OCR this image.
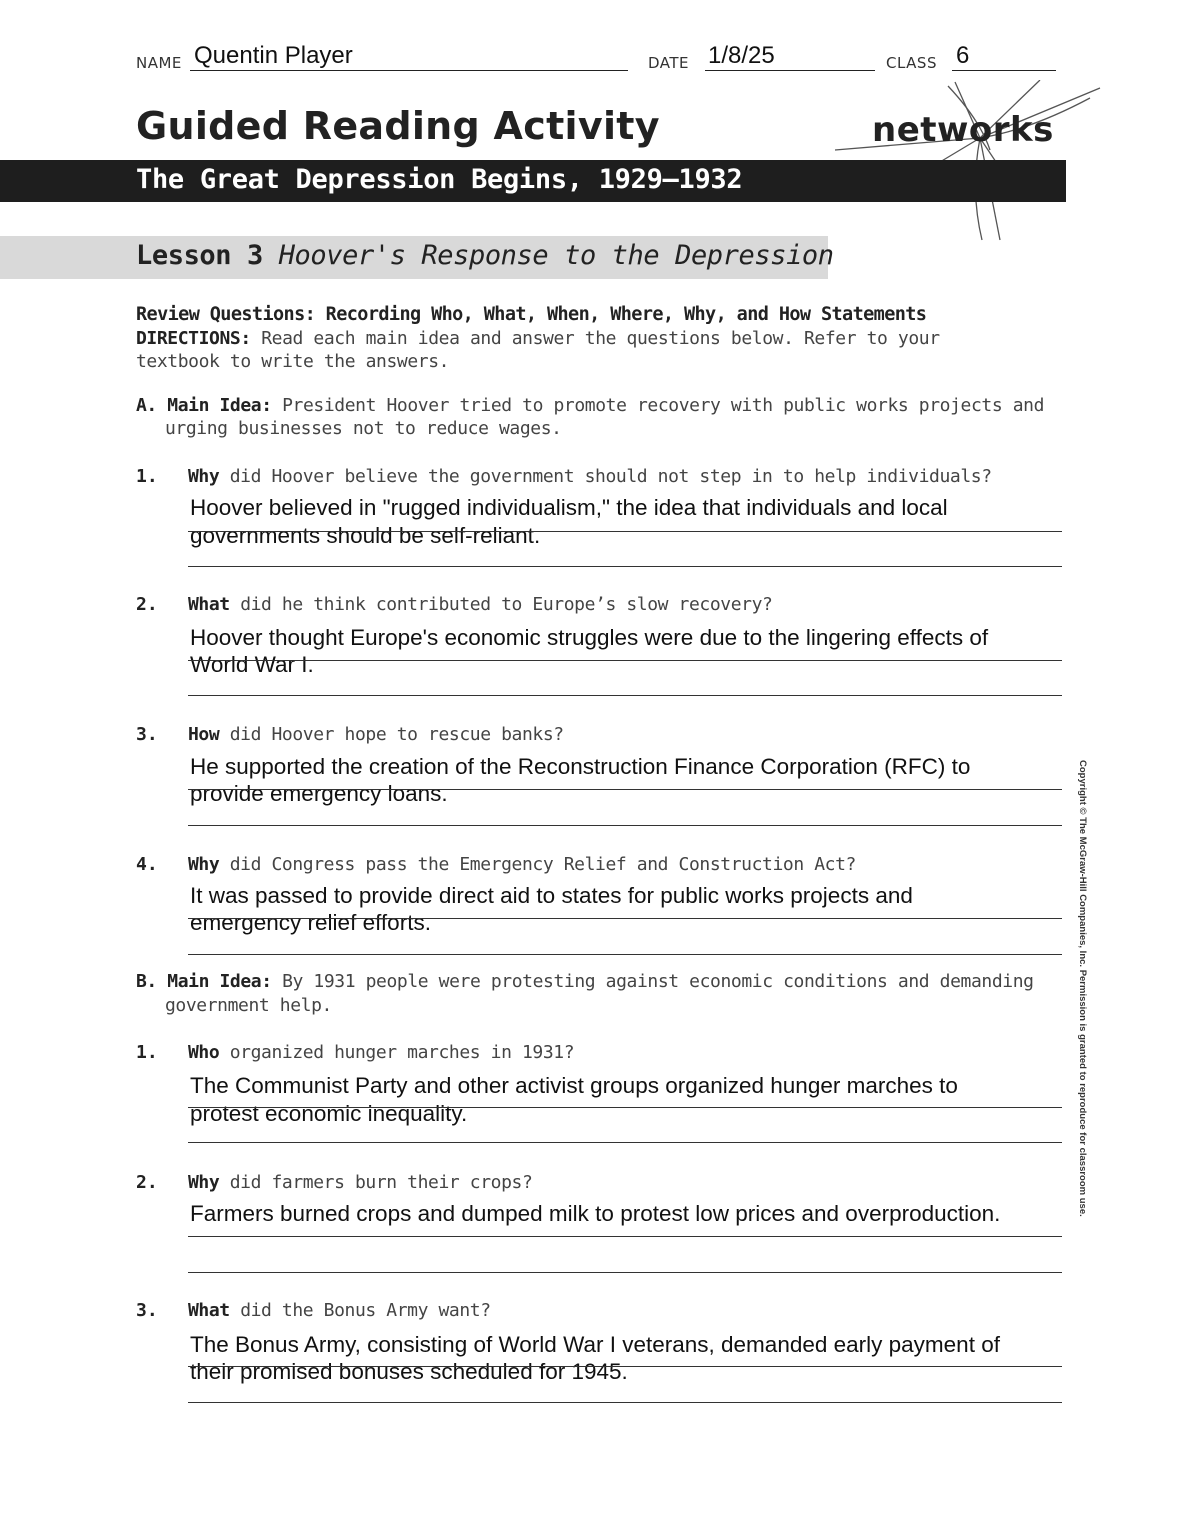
NAME Quentin Player	DATE 1/8/25	CLASS 6
Guided Reading Activity	networks
The Great Depression Begins, 1929–1932
Lesson 3 Hoover's Response to the Depression
Review Questions: Recording Who, What, When, Where, Why, and How Statements
DIRECTIONS: Read each main idea and answer the questions below. Refer to your
textbook to write the answers.
A. Main Idea: President Hoover tried to promote recovery with public works projects and
urging businesses not to reduce wages.
1. Why did Hoover believe the government should not step in to help individuals?
Hoover believed in "rugged individualism," the idea that individuals and local
governments should be self-reliant.
2. What did he think contributed to Europe’s slow recovery?
Hoover thought Europe's economic struggles were due to the lingering effects of
World War I.
3. How did Hoover hope to rescue banks?
He supported the creation of the Reconstruction Finance Corporation (RFC) to
provide emergency loans.
4. Why did Congress pass the Emergency Relief and Construction Act?
It was passed to provide direct aid to states for public works projects and
emergency relief efforts.
B. Main Idea: By 1931 people were protesting against economic conditions and demanding
government help.
1. Who organized hunger marches in 1931?
The Communist Party and other activist groups organized hunger marches to
protest economic inequality.
2. Why did farmers burn their crops?
Farmers burned crops and dumped milk to protest low prices and overproduction.
3. What did the Bonus Army want?
The Bonus Army, consisting of World War I veterans, demanded early payment of
their promised bonuses scheduled for 1945.
Copyright © The McGraw-Hill Companies, Inc. Permission is granted to reproduce for classroom use.
